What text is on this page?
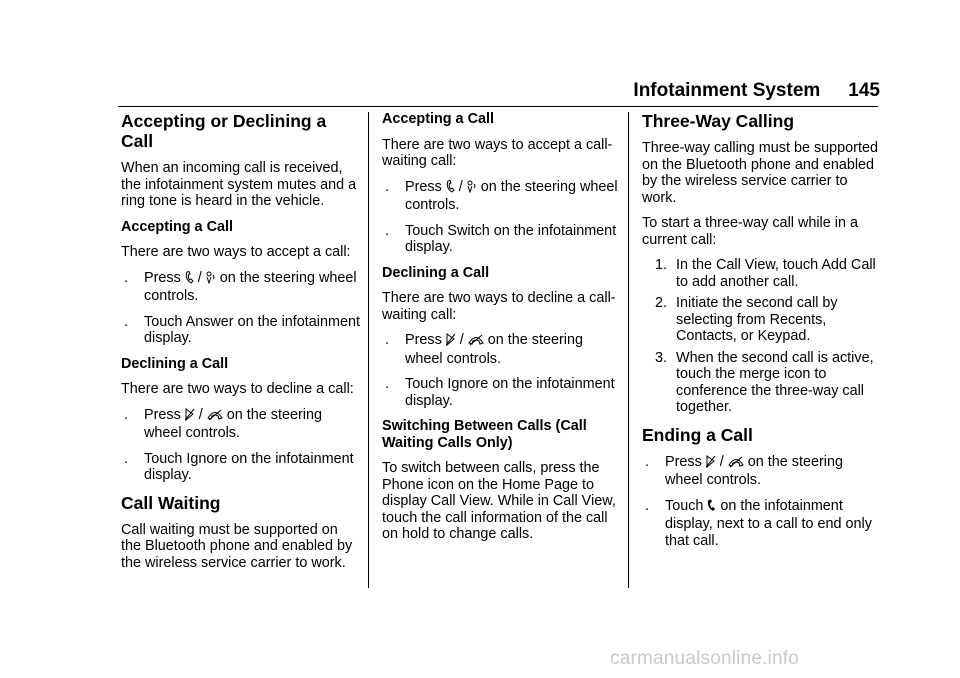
Infotainment System 145
Accepting or Declining a Call

When an incoming call is received, the infotainment system mutes and a ring tone is heard in the vehicle.

Accepting a Call

There are two ways to accept a call:

.	Press / on the steering wheel controls.
.	Touch Answer on the infotainment display.
Declining a Call

There are two ways to decline a call:

.	Press / on the steering wheel controls.
.	Touch Ignore on the infotainment display.
Call Waiting

Call waiting must be supported on the Bluetooth phone and enabled by the wireless service carrier to work.

Accepting a Call

There are two ways to accept a call-waiting call:

.	Press / on the steering wheel controls.
.	Touch Switch on the infotainment display.
Declining a Call

There are two ways to decline a call-waiting call:

.	Press / on the steering wheel controls.
.	Touch Ignore on the infotainment display.
Switching Between Calls (Call Waiting Calls Only)

To switch between calls, press the Phone icon on the Home Page to display Call View. While in Call View, touch the call information of the call on hold to change calls.

Three-Way Calling

Three-way calling must be supported on the Bluetooth phone and enabled by the wireless service carrier to work.

To start a three-way call while in a current call:

1. In the Call View, touch Add Call to add another call.
2. Initiate the second call by selecting from Recents, Contacts, or Keypad.
3. When the second call is active, touch the merge icon to conference the three-way call together.
Ending a Call
.	Press / on the steering wheel controls.
.	Touch on the infotainment display, next to a call to end only that call.
carmanualsonline.info
